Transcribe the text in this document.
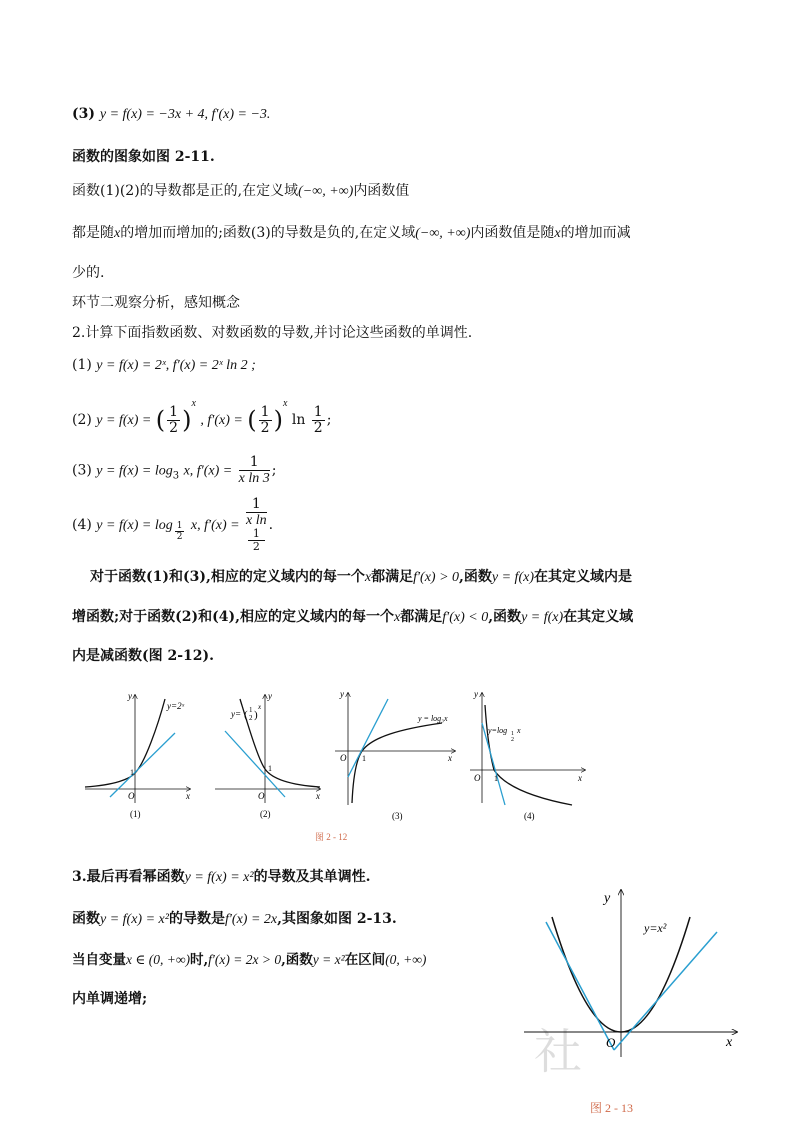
(3) y = f(x) = −3x + 4, f′(x) = −3.
函数的图象如图 2-11.
函数(1)(2)的导数都是正的,在定义域(−∞, +∞)内函数值
都是随x的增加而增加的;函数(3)的导数是负的,在定义域(−∞, +∞)内函数值是随x的增加而减
少的.
环节二观察分析，感知概念
2.计算下面指数函数、对数函数的导数,并讨论这些函数的单调性.
(1) y = f(x) = 2ˣ, f′(x) = 2ˣ ln 2 ;
(2) y = f(x) = ( $\frac{1}{2} )^x$ , f′(x) = ( $\frac{1}{2} )^x$ $\ln \frac{1}{2}$ ;
(3) $y = f(x) = \log_3 x$, $f'(x) = \frac{1}{\text{x ln 3}}$ ;
(4) $y = f(x) = \log \frac{1}{2} x$, f′(x) = 1
x ln
1
2 .
对于函数(1)和(3),相应的定义域内的每一个x都满足f′(x) > 0,函数y = f(x)在其定义域内是
增函数;对于函数(2)和(4),相应的定义域内的每一个x都满足f′(x) < 0,函数y = f(x)在其定义域
内是减函数(图 2-12).
y=2ˣ
y
x
O
1
(1)
y= ( 1
2 )
x
y
x
O
1
(2)
y = log₃x
y
x
O 1
(3)
y=log 1
2
x
y
x
O 1
(4)
图 2 - 12
3.最后再看幂函数y = f(x) = x²的导数及其单调性.
函数y = f(x) = x²的导数是f′(x) = 2x,其图象如图 2-13.
当自变量x ∈ (0, +∞)时,f′(x) = 2x > 0,函数y = x²在区间(0, +∞)
内单调递增;
社
y
x
O
y=x²
图 2 - 13
